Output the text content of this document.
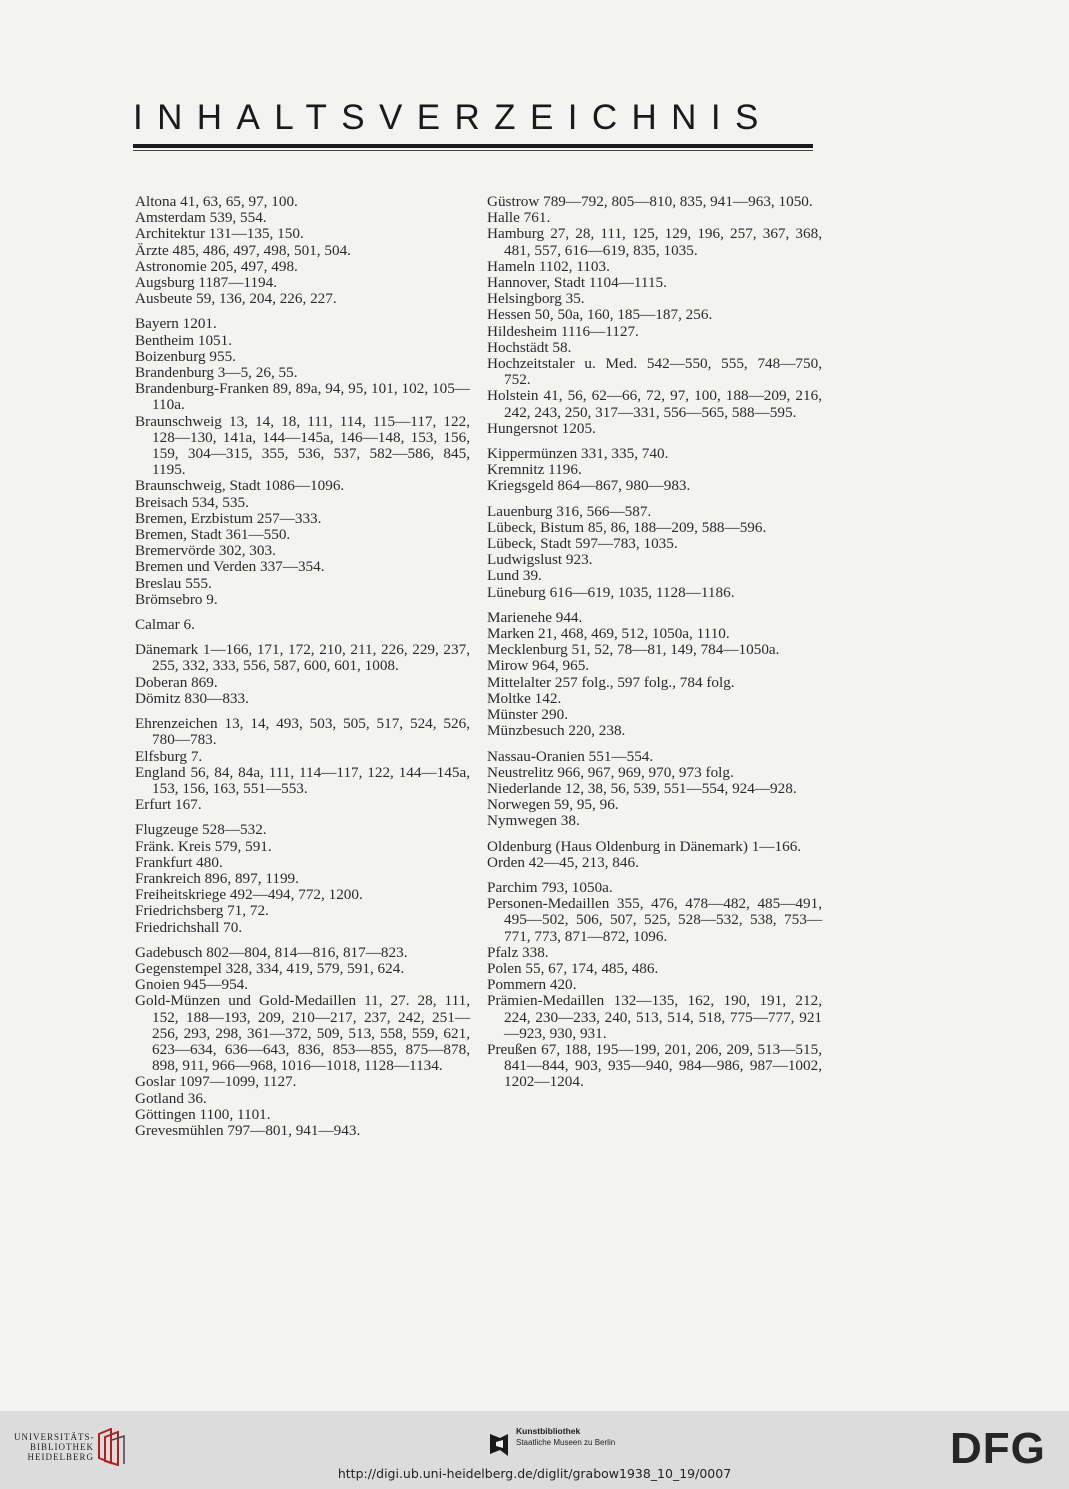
INHALTSVERZEICHNIS
Altona 41, 63, 65, 97, 100.
Amsterdam 539, 554.
Architektur 131—135, 150.
Ärzte 485, 486, 497, 498, 501, 504.
Astronomie 205, 497, 498.
Augsburg 1187—1194.
Ausbeute 59, 136, 204, 226, 227.
Bayern 1201.
Bentheim 1051.
Boizenburg 955.
Brandenburg 3—5, 26, 55.
Brandenburg-Franken 89, 89a, 94, 95, 101, 102, 105—110a.
Braunschweig 13, 14, 18, 111, 114, 115—117, 122, 128—130, 141a, 144—145a, 146—148, 153, 156, 159, 304—315, 355, 536, 537, 582—586, 845, 1195.
Braunschweig, Stadt 1086—1096.
Breisach 534, 535.
Bremen, Erzbistum 257—333.
Bremen, Stadt 361—550.
Bremervörde 302, 303.
Bremen und Verden 337—354.
Breslau 555.
Brömsebro 9.
Calmar 6.
Dänemark 1—166, 171, 172, 210, 211, 226, 229, 237, 255, 332, 333, 556, 587, 600, 601, 1008.
Doberan 869.
Dömitz 830—833.
Ehrenzeichen 13, 14, 493, 503, 505, 517, 524, 526, 780—783.
Elfsburg 7.
England 56, 84, 84a, 111, 114—117, 122, 144—145a, 153, 156, 163, 551—553.
Erfurt 167.
Flugzeuge 528—532.
Fränk. Kreis 579, 591.
Frankfurt 480.
Frankreich 896, 897, 1199.
Freiheitskriege 492—494, 772, 1200.
Friedrichsberg 71, 72.
Friedrichshall 70.
Gadebusch 802—804, 814—816, 817—823.
Gegenstempel 328, 334, 419, 579, 591, 624.
Gnoien 945—954.
Gold-Münzen und Gold-Medaillen 11, 27. 28, 111, 152, 188—193, 209, 210—217, 237, 242, 251—256, 293, 298, 361—372, 509, 513, 558, 559, 621, 623—634, 636—643, 836, 853—855, 875—878, 898, 911, 966—968, 1016—1018, 1128—1134.
Goslar 1097—1099, 1127.
Gotland 36.
Göttingen 1100, 1101.
Grevesmühlen 797—801, 941—943.
Güstrow 789—792, 805—810, 835, 941—963, 1050.
Halle 761.
Hamburg 27, 28, 111, 125, 129, 196, 257, 367, 368, 481, 557, 616—619, 835, 1035.
Hameln 1102, 1103.
Hannover, Stadt 1104—1115.
Helsingborg 35.
Hessen 50, 50a, 160, 185—187, 256.
Hildesheim 1116—1127.
Hochstädt 58.
Hochzeitstaler u. Med. 542—550, 555, 748—750, 752.
Holstein 41, 56, 62—66, 72, 97, 100, 188—209, 216, 242, 243, 250, 317—331, 556—565, 588—595.
Hungersnot 1205.
Kippermünzen 331, 335, 740.
Kremnitz 1196.
Kriegsgeld 864—867, 980—983.
Lauenburg 316, 566—587.
Lübeck, Bistum 85, 86, 188—209, 588—596.
Lübeck, Stadt 597—783, 1035.
Ludwigslust 923.
Lund 39.
Lüneburg 616—619, 1035, 1128—1186.
Marienehe 944.
Marken 21, 468, 469, 512, 1050a, 1110.
Mecklenburg 51, 52, 78—81, 149, 784—1050a.
Mirow 964, 965.
Mittelalter 257 folg., 597 folg., 784 folg.
Moltke 142.
Münster 290.
Münzbesuch 220, 238.
Nassau-Oranien 551—554.
Neustrelitz 966, 967, 969, 970, 973 folg.
Niederlande 12, 38, 56, 539, 551—554, 924—928.
Norwegen 59, 95, 96.
Nymwegen 38.
Oldenburg (Haus Oldenburg in Dänemark) 1—166.
Orden 42—45, 213, 846.
Parchim 793, 1050a.
Personen-Medaillen 355, 476, 478—482, 485—491, 495—502, 506, 507, 525, 528—532, 538, 753—771, 773, 871—872, 1096.
Pfalz 338.
Polen 55, 67, 174, 485, 486.
Pommern 420.
Prämien-Medaillen 132—135, 162, 190, 191, 212, 224, 230—233, 240, 513, 514, 518, 775—777, 921—923, 930, 931.
Preußen 67, 188, 195—199, 201, 206, 209, 513—515, 841—844, 903, 935—940, 984—986, 987—1002, 1202—1204.
UNIVERSITÄTS-
BIBLIOTHEK
HEIDELBERG
Kunstbibliothek
Staatliche Museen zu Berlin	DFG
http://digi.ub.uni-heidelberg.de/diglit/grabow1938_10_19/0007
